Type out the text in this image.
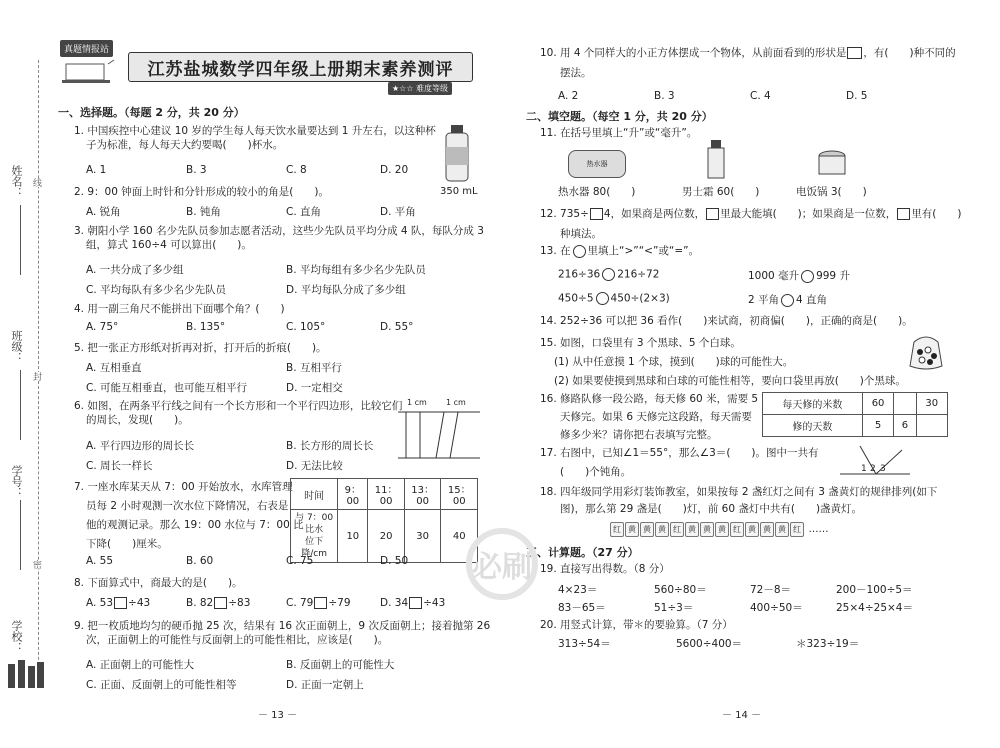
姓名：
班级：
学号：
学校：
线
封
密
真题情报站
江苏盐城数学四年级上册期末素养测评
★☆☆ 难度等级
一、选择题。（每题 2 分，共 20 分）
1. 中国疾控中心建议 10 岁的学生每人每天饮水量要达到 1 升左右，以这种杯
子为标准，每人每天大约要喝(　　)杯水。
A. 1	B. 3	C. 8	D. 20
350 mL
2. 9：00 钟面上时针和分针形成的较小的角是(　　)。
A. 锐角	B. 钝角	C. 直角	D. 平角
3. 朝阳小学 160 名少先队员参加志愿者活动，这些少先队员平均分成 4 队，每队分成 3
组，算式 160÷4 可以算出(　　)。
A. 一共分成了多少组	B. 平均每组有多少名少先队员
C. 平均每队有多少名少先队员	D. 平均每队分成了多少组
4. 用一副三角尺不能拼出下面哪个角？(　　)
A. 75°	B. 135°	C. 105°	D. 55°
5. 把一张正方形纸对折再对折，打开后的折痕(　　)。
A. 互相垂直	B. 互相平行
C. 可能互相垂直，也可能互相平行	D. 一定相交
6. 如图，在两条平行线之间有一个长方形和一个平行四边形，比较它们
的周长，发现(　　)。
1 cm 1 cm
A. 平行四边形的周长长	B. 长方形的周长长
C. 周长一样长	D. 无法比较
7. 一座水库某天从 7：00 开始放水，水库管理
员每 2 小时观测一次水位下降情况，右表是
他的观测记录。那么 19：00 水位与 7：00 比
下降(　　)厘米。
时间	9：00	11：00	13：00	15：00
与 7：00 比水
位下降/cm	10	20	30	40
A. 55	B. 60	C. 75	D. 50
8. 下面算式中，商最大的是(　　)。
A. 53 ÷43	B. 82 ÷83	C. 79 ÷79	D. 34 ÷43
9. 把一枚质地均匀的硬币抛 25 次，结果有 16 次正面朝上，9 次反面朝上；接着抛第 26
次，正面朝上的可能性与反面朝上的可能性相比，应该是(　　)。
A. 正面朝上的可能性大	B. 反面朝上的可能性大
C. 正面、反面朝上的可能性相等	D. 正面一定朝上
－ 13 －
10. 用 4 个同样大的小正方体摆成一个物体，从前面看到的形状是 ，有(　　)种不同的
摆法。
A. 2	B. 3	C. 4	D. 5
二、填空题。（每空 1 分，共 20 分）
11. 在括号里填上“升”或“毫升”。
热水器
热水器 80(　　)	男士霜 60(　　)	电饭锅 3(　　)
12. 735÷ 4，如果商是两位数， 里最大能填(　　)；如果商是一位数， 里有(　　)
种填法。
13. 在 里填上“>”“<”或“=”。
216÷36 216÷72	1000 毫升 999 升
450÷5 450÷(2×3)	2 平角 4 直角
14. 252÷36 可以把 36 看作(　　)来试商，初商偏(　　)，正确的商是(　　)。
15. 如图，口袋里有 3 个黑球、5 个白球。
(1) 从中任意摸 1 个球，摸到(　　)球的可能性大。
(2) 如果要使摸到黑球和白球的可能性相等，要向口袋里再放(　　)个黑球。
16. 修路队修一段公路，每天修 60 米，需要 5
天修完。如果 6 天修完这段路，每天需要
修多少米？请你把右表填写完整。
每天修的米数	60		30
修的天数	5	6	
17. 右图中，已知∠1＝55°，那么∠3＝(　　)。图中一共有
(　　)个钝角。	1 2 3
18. 四年级同学用彩灯装饰教室，如果按每 2 盏红灯之间有 3 盏黄灯的规律排列(如下
图)，那么第 29 盏是(　　)灯，前 60 盏灯中共有(　　)盏黄灯。
红 黄 黄 黄 红 黄 黄 黄 红 黄 黄 黄 红 ……
三、计算题。（27 分）
19. 直接写出得数。（8 分）
4×23＝	560÷80＝	72－8＝	200－100÷5＝
83－65＝	51÷3＝	400÷50＝	25×4÷25×4＝
20. 用竖式计算，带＊的要验算。（7 分）
313÷54＝	5600÷400＝	＊323÷19＝
－ 14 －
必刷
